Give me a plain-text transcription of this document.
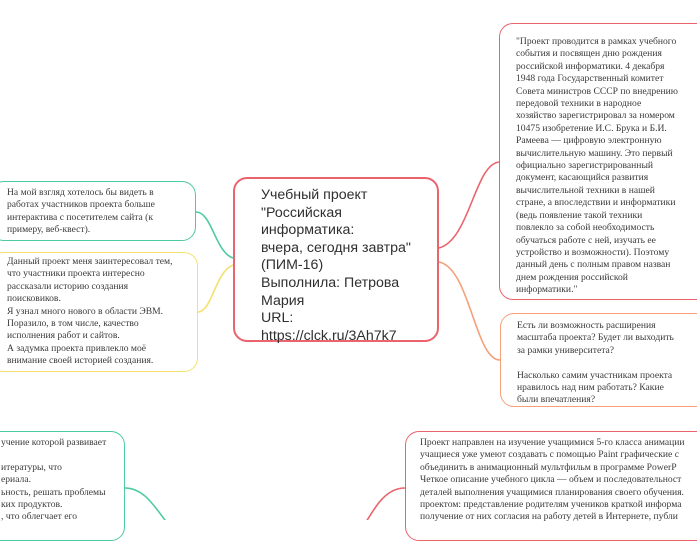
Учебный проект
"Российская информатика:
вчера, сегодня завтра"
(ПИМ-16)
Выполнила: Петрова
Мария
URL:
https://clck.ru/3Ah7k7
"Проект проводится в рамках учебного
события и посвящен дню рождения
российской информатики. 4 декабря
1948 года Государственный комитет
Совета министров СССР по внедрению
передовой техники в народное
хозяйство зарегистрировал за номером
10475 изобретение И.С. Брука и Б.И.
Рамеева — цифровую электронную
вычислительную машину. Это первый
официально зарегистрированный
документ, касающийся развития
вычислительной техники в нашей
стране, а впоследствии и информатики
(ведь появление такой техники
повлекло за собой необходимость
обучаться работе с ней, изучать ее
устройство и возможности). Поэтому
данный день с полным правом назван
днем рождения российской
информатики."
Есть ли возможность расширения
масштаба проекта? Будет ли выходить
за рамки университета?

Насколько самим участникам проекта
нравилось над ним работать? Какие
были впечатления?
На мой взгляд хотелось бы видеть в
работах участников проекта больше
интерактива с посетителем сайта (к
примеру, веб-квест).
Данный проект меня заинтересовал тем,
что участники проекта интересно
рассказали историю создания
поисковиков.
Я узнал много нового в области ЭВМ.
Поразило, в том числе, качество
исполнения работ и сайтов.
А задумка проекта привлекло моё
внимание своей историей создания.
учение которой развивает

итературы, что
ериала.
ьность, решать проблемы
ких продуктов.
, что облегчает его
Проект направлен на изучение учащимися 5-го класса анимации
учащиеся уже умеют создавать с помощью Paint графические с
объединить в анимационный мультфильм в программе PowerP
Четкое описание учебного цикла — объем и последовательност
деталей выполнения учащимися планирования своего обучения.
проектом: представление родителям учеников краткой информа
получение от них согласия на работу детей в Интернете, публи
